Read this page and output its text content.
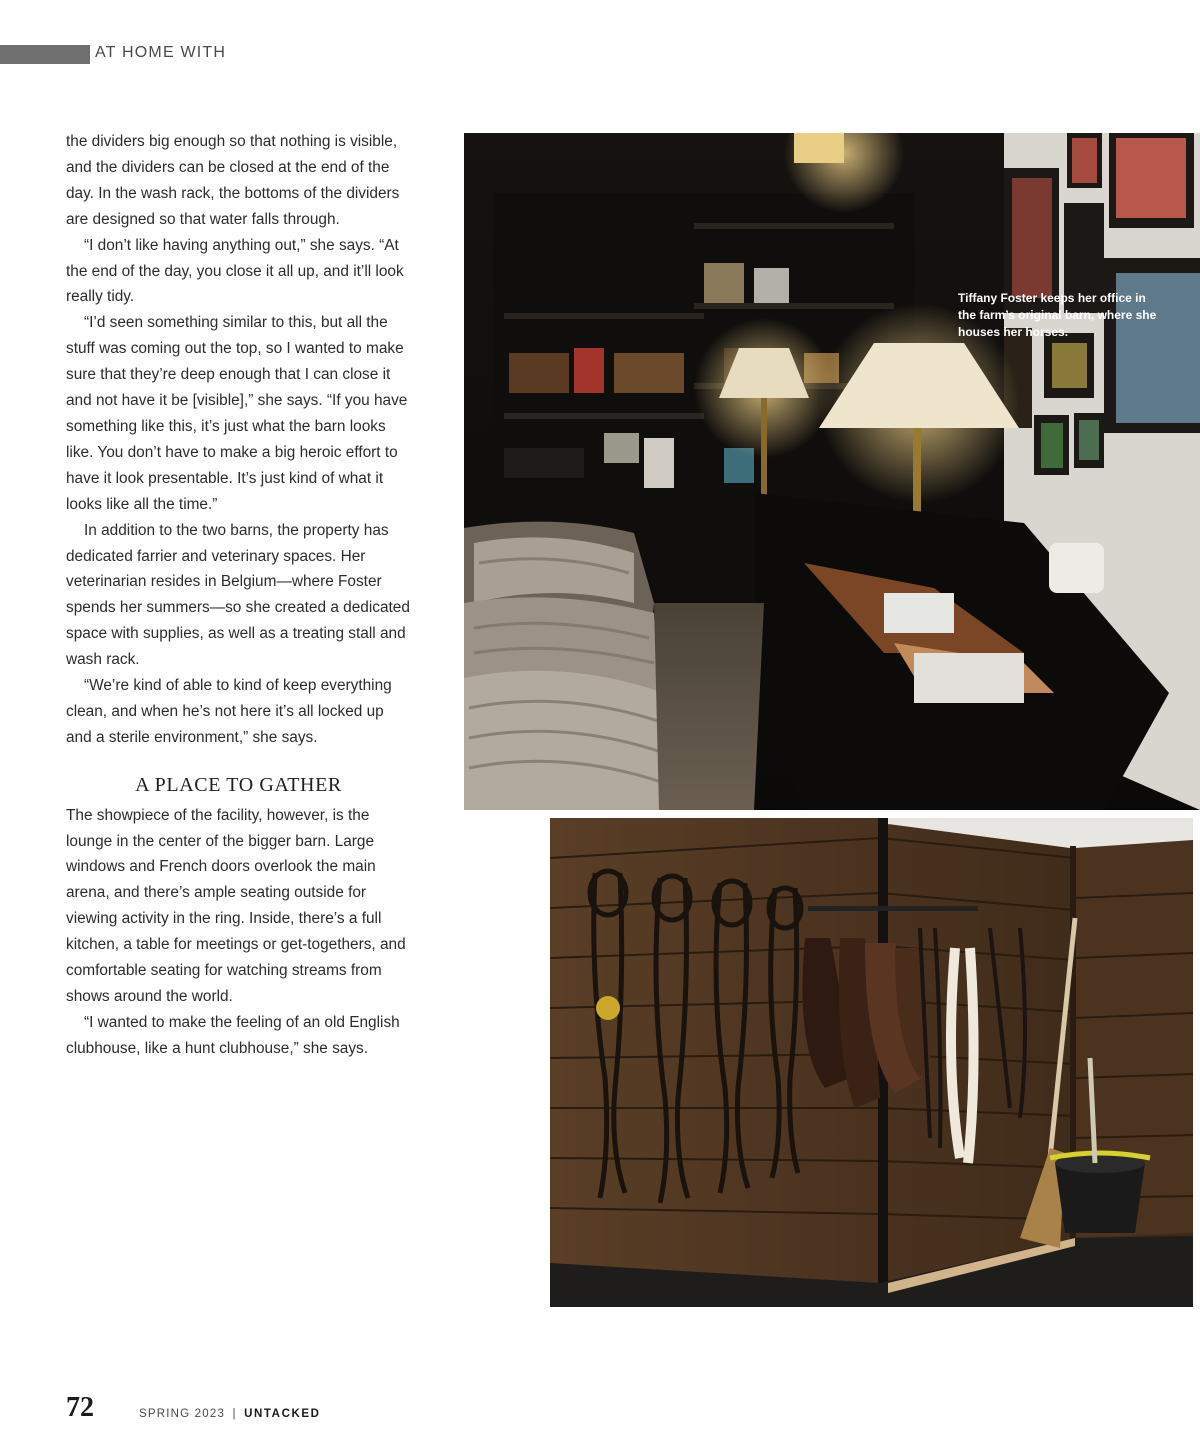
AT HOME WITH

the dividers big enough so that nothing is visible, and the dividers can be closed at the end of the day. In the wash rack, the bottoms of the dividers are designed so that water falls through.

“I don’t like having anything out,” she says. “At the end of the day, you close it all up, and it’ll look really tidy.

“I’d seen something similar to this, but all the stuff was coming out the top, so I wanted to make sure that they’re deep enough that I can close it and not have it be [visible],” she says. “If you have something like this, it’s just what the barn looks like. You don’t have to make a big heroic effort to have it look presentable. It’s just kind of what it looks like all the time.”

In addition to the two barns, the property has dedicated farrier and veterinary spaces. Her veterinarian resides in Belgium—where Foster spends her summers—so she created a dedicated space with supplies, as well as a treating stall and wash rack.

“We’re kind of able to kind of keep everything clean, and when he’s not here it’s all locked up and a sterile environment,” she says.

A PLACE TO GATHER

The showpiece of the facility, however, is the lounge in the center of the bigger barn. Large windows and French doors overlook the main arena, and there’s ample seating outside for viewing activity in the ring. Inside, there’s a full kitchen, a table for meetings or get-togethers, and comfortable seating for watching streams from shows around the world.

“I wanted to make the feeling of an old English clubhouse, like a hunt clubhouse,” she says.

Tiffany Foster keeps her office in the farm’s original barn, where she houses her horses.
72	SPRING 2023 | UNTACKED
